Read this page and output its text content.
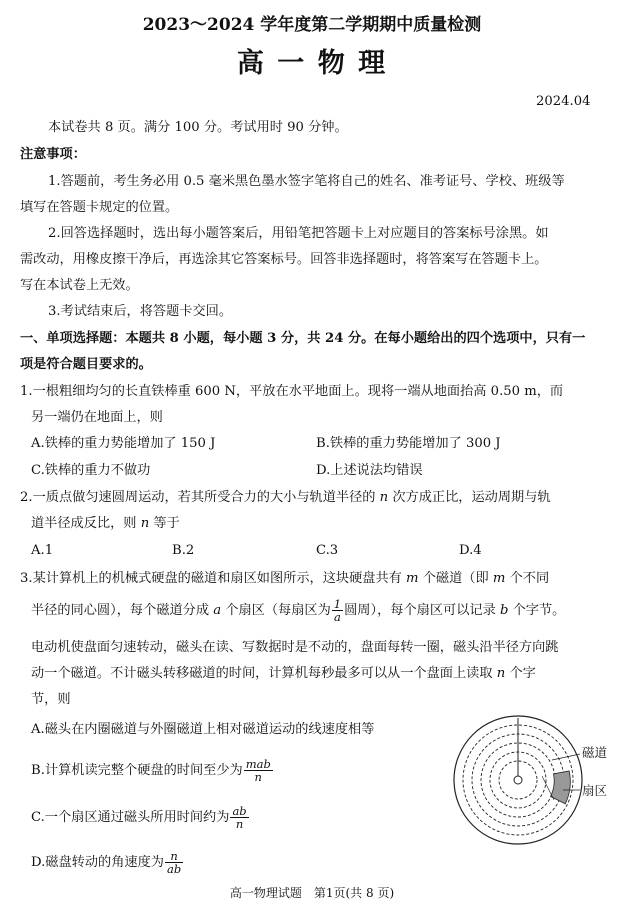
2023～2024 学年度第二学期期中质量检测
高 一 物 理
2024.04
本试卷共 8 页。满分 100 分。考试用时 90 分钟。
注意事项：
1.答题前，考生务必用 0.5 毫米黑色墨水签字笔将自己的姓名、准考证号、学校、班级等
填写在答题卡规定的位置。
2.回答选择题时，选出每小题答案后，用铅笔把答题卡上对应题目的答案标号涂黑。如
需改动，用橡皮擦干净后，再选涂其它答案标号。回答非选择题时，将答案写在答题卡上。
写在本试卷上无效。
3.考试结束后，将答题卡交回。
一、单项选择题：本题共 8 小题，每小题 3 分，共 24 分。在每小题给出的四个选项中，只有一
项是符合题目要求的。
1.一根粗细均匀的长直铁棒重 600 N，平放在水平地面上。现将一端从地面抬高 0.50 m，而
另一端仍在地面上，则
A.铁棒的重力势能增加了 150 J	B.铁棒的重力势能增加了 300 J
C.铁棒的重力不做功	D.上述说法均错误
2.一质点做匀速圆周运动，若其所受合力的大小与轨道半径的 n 次方成正比，运动周期与轨
道半径成反比，则 n 等于
A.1	B.2	C.3	D.4
3.某计算机上的机械式硬盘的磁道和扇区如图所示，这块硬盘共有 m 个磁道（即 m 个不同
半径的同心圆），每个磁道分成 a 个扇区（每扇区为 $\frac{1}{a}$ 圆周），每个扇区可以记录 b 个字节。
电动机使盘面匀速转动，磁头在读、写数据时是不动的，盘面每转一圈，磁头沿半径方向跳
动一个磁道。不计磁头转移磁道的时间，计算机每秒最多可以从一个盘面上读取 n 个字
节，则
A.磁头在内圈磁道与外圈磁道上相对磁道运动的线速度相等
B.计算机读完整个硬盘的时间至少为 $\frac{\text{mab}}{n}$
C.一个扇区通过磁头所用时间约为 $\frac{ab}{n}$
D.磁盘转动的角速度为 $\frac{n}{ab}$
磁道
扇区
高一物理试题　第1页(共 8 页)
